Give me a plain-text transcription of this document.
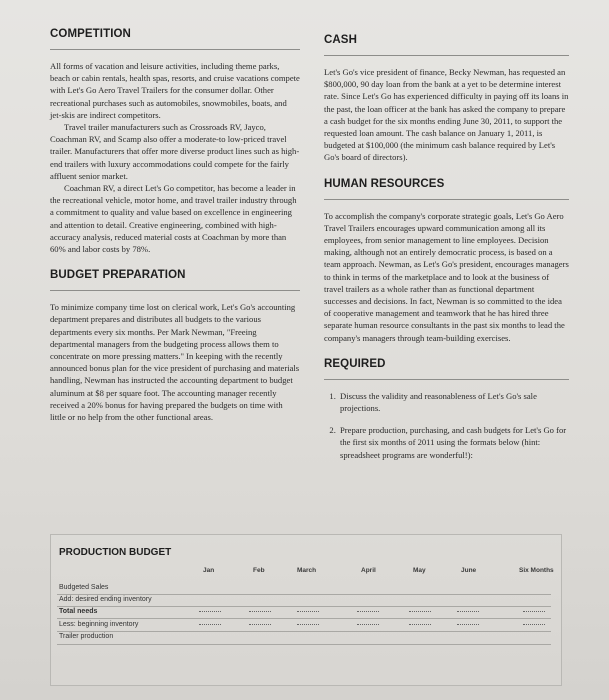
COMPETITION

All forms of vacation and leisure activities, including theme parks, beach or cabin rentals, health spas, resorts, and cruise vacations compete with Let's Go Aero Travel Trailers for the consumer dollar. Other recreational purchases such as automobiles, snowmobiles, boats, and jet-skis are indirect competitors.

Travel trailer manufacturers such as Crossroads RV, Jayco, Coachman RV, and Scamp also offer a moderate-to low-priced travel trailer. Manufacturers that offer more diverse product lines such as high-end trailers with luxury accommodations could compete for the fairly affluent senior market.

Coachman RV, a direct Let's Go competitor, has become a leader in the recreational vehicle, motor home, and travel trailer industry through a commitment to quality and value based on excellence in engineering and attention to detail. Creative engineering, combined with high-accuracy analysis, reduced material costs at Coachman by more than 60% and labor costs by 78%.

BUDGET PREPARATION

To minimize company time lost on clerical work, Let's Go's accounting department prepares and distributes all budgets to the various departments every six months. Per Mark Newman, "Freeing departmental managers from the budgeting process allows them to concentrate on more pressing matters." In keeping with the recently announced bonus plan for the vice president of purchasing and materials handling, Newman has instructed the accounting department to budget aluminum at $8 per square foot. The accounting manager recently received a 20% bonus for having prepared the budgets on time with little or no help from the other functional areas.

CASH

Let's Go's vice president of finance, Becky Newman, has requested an $800,000, 90 day loan from the bank at a yet to be determine interest rate. Since Let's Go has experienced difficulty in paying off its loans in the past, the loan officer at the bank has asked the company to prepare a cash budget for the six months ending June 30, 2011, to support the requested loan amount. The cash balance on January 1, 2011, is budgeted at $100,000 (the minimum cash balance required by Let's Go's board of directors).

HUMAN RESOURCES

To accomplish the company's corporate strategic goals, Let's Go Aero Travel Trailers encourages upward communication among all its employees, from senior management to line employees. Decision making, although not an entirely democratic process, is based on a team approach. Newman, as Let's Go's president, encourages managers to think in terms of the marketplace and to look at the business of travel trailers as a whole rather than as functional department successes and decisions. In fact, Newman is so committed to the idea of cooperative management and teamwork that he has hired three separate human resource consultants in the past six months to lead the company's managers through team-building exercises.

REQUIRED
1. Discuss the validity and reasonableness of Let's Go's sale projections.
2. Prepare production, purchasing, and cash budgets for Let's Go for the first six months of 2011 using the formats below (hint: spreadsheet programs are wonderful!):
PRODUCTION BUDGET
Jan	Feb	March	April	May	June	Six Months
Budgeted Sales
Add: desired ending inventory
Total needs
Less: beginning inventory
Trailer production
